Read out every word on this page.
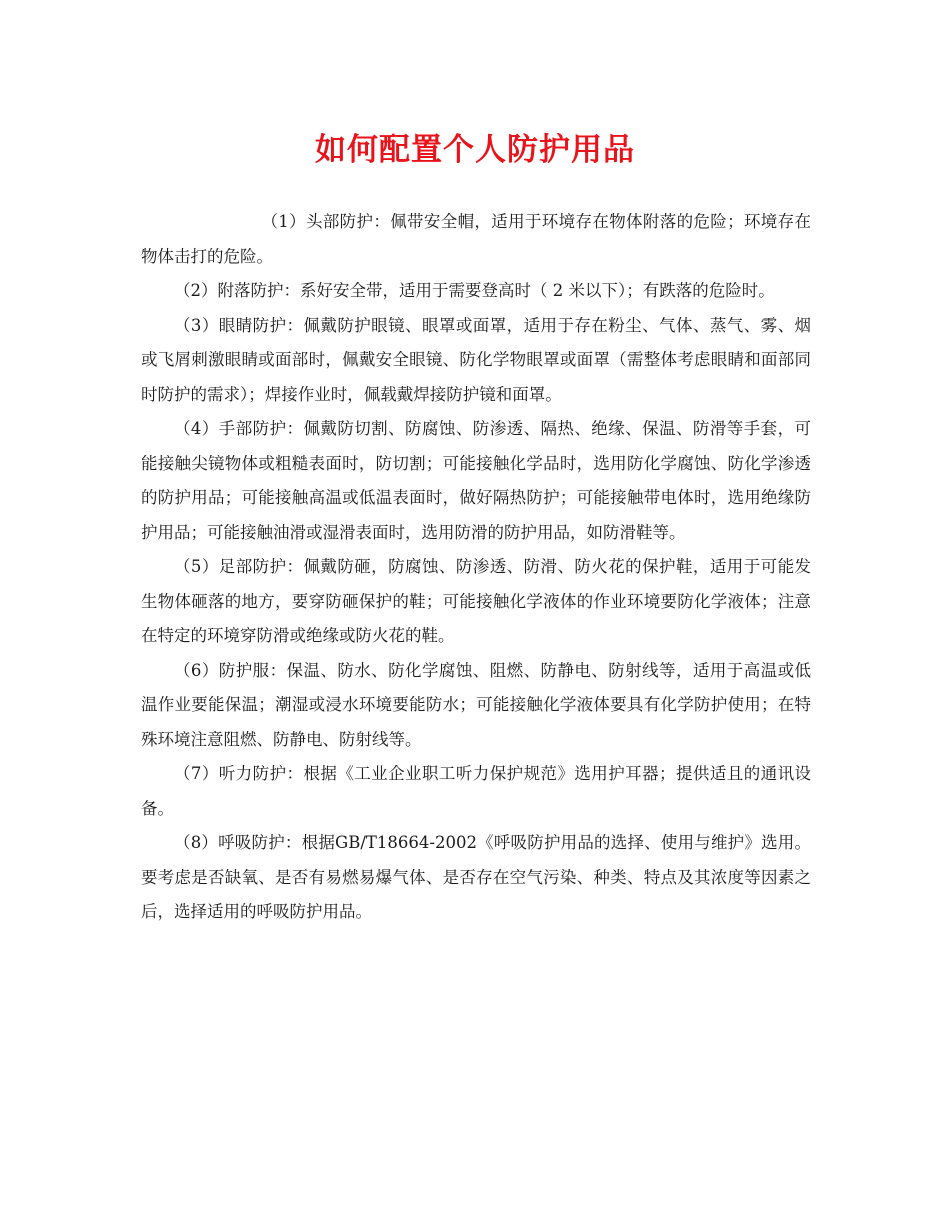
如何配置个人防护用品

（1）头部防护：佩带安全帽，适用于环境存在物体附落的危险；环境存在物体击打的危险。

（2）附落防护：系好安全带，适用于需要登高时（ 2 米以下）；有跌落的危险时。

（3）眼睛防护：佩戴防护眼镜、眼罩或面罩，适用于存在粉尘、气体、蒸气、雾、烟或飞屑刺激眼睛或面部时，佩戴安全眼镜、防化学物眼罩或面罩（需整体考虑眼睛和面部同时防护的需求）；焊接作业时，佩载戴焊接防护镜和面罩。

（4）手部防护：佩戴防切割、防腐蚀、防渗透、隔热、绝缘、保温、防滑等手套，可能接触尖镜物体或粗糙表面时，防切割；可能接触化学品时，选用防化学腐蚀、防化学渗透的防护用品；可能接触高温或低温表面时，做好隔热防护；可能接触带电体时，选用绝缘防护用品；可能接触油滑或湿滑表面时，选用防滑的防护用品，如防滑鞋等。

（5）足部防护：佩戴防砸，防腐蚀、防渗透、防滑、防火花的保护鞋，适用于可能发生物体砸落的地方，要穿防砸保护的鞋；可能接触化学液体的作业环境要防化学液体；注意在特定的环境穿防滑或绝缘或防火花的鞋。

（6）防护服：保温、防水、防化学腐蚀、阻燃、防静电、防射线等，适用于高温或低温作业要能保温；潮湿或浸水环境要能防水；可能接触化学液体要具有化学防护使用；在特殊环境注意阻燃、防静电、防射线等。

（7）听力防护：根据《工业企业职工听力保护规范》选用护耳器；提供适且的通讯设备。

（8）呼吸防护：根据GB/T18664-2002《呼吸防护用品的选择、使用与维护》选用。要考虑是否缺氧、是否有易燃易爆气体、是否存在空气污染、种类、特点及其浓度等因素之后，选择适用的呼吸防护用品。
